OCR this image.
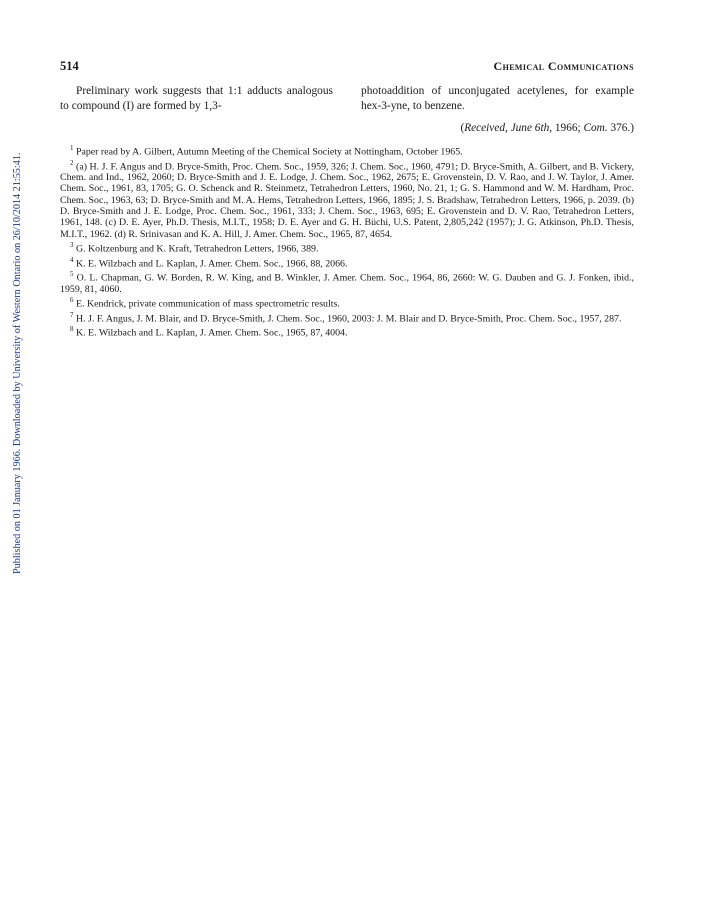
Published on 01 January 1966. Downloaded by University of Western Ontario on 26/10/2014 21:55:41.
514	Chemical Communications

Preliminary work suggests that 1:1 adducts analogous to compound (I) are formed by 1,3-

photoaddition of unconjugated acetylenes, for example hex-3-yne, to benzene.

(Received, June 6th, 1966; Com. 376.)

$^1$ Paper read by A. Gilbert, Autumn Meeting of the Chemical Society at Nottingham, October 1965.

$^2$ (a) H. J. F. Angus and D. Bryce-Smith, Proc. Chem. Soc., 1959, 326; J. Chem. Soc., 1960, 4791; D. Bryce-Smith, A. Gilbert, and B. Vickery, Chem. and Ind., 1962, 2060; D. Bryce-Smith and J. E. Lodge, J. Chem. Soc., 1962, 2675; E. Grovenstein, D. V. Rao, and J. W. Taylor, J. Amer. Chem. Soc., 1961, 83, 1705; G. O. Schenck and R. Steinmetz, Tetrahedron Letters, 1960, No. 21, 1; G. S. Hammond and W. M. Hardham, Proc. Chem. Soc., 1963, 63; D. Bryce-Smith and M. A. Hems, Tetrahedron Letters, 1966, 1895; J. S. Bradshaw, Tetrahedron Letters, 1966, p. 2039. (b) D. Bryce-Smith and J. E. Lodge, Proc. Chem. Soc., 1961, 333; J. Chem. Soc., 1963, 695; E. Grovenstein and D. V. Rao, Tetrahedron Letters, 1961, 148. (c) D. E. Ayer, Ph.D. Thesis, M.I.T., 1958; D. E. Ayer and G. H. Büchi, U.S. Patent, 2,805,242 (1957); J. G. Atkinson, Ph.D. Thesis, M.I.T., 1962. (d) R. Srinivasan and K. A. Hill, J. Amer. Chem. Soc., 1965, 87, 4654.

$^3$ G. Koltzenburg and K. Kraft, Tetrahedron Letters, 1966, 389.

$^4$ K. E. Wilzbach and L. Kaplan, J. Amer. Chem. Soc., 1966, 88, 2066.

$^5$ O. L. Chapman, G. W. Borden, R. W. King, and B. Winkler, J. Amer. Chem. Soc., 1964, 86, 2660: W. G. Dauben and G. J. Fonken, ibid., 1959, 81, 4060.

$^6$ E. Kendrick, private communication of mass spectrometric results.

$^7$ H. J. F. Angus, J. M. Blair, and D. Bryce-Smith, J. Chem. Soc., 1960, 2003: J. M. Blair and D. Bryce-Smith, Proc. Chem. Soc., 1957, 287.

$^8$ K. E. Wilzbach and L. Kaplan, J. Amer. Chem. Soc., 1965, 87, 4004.
